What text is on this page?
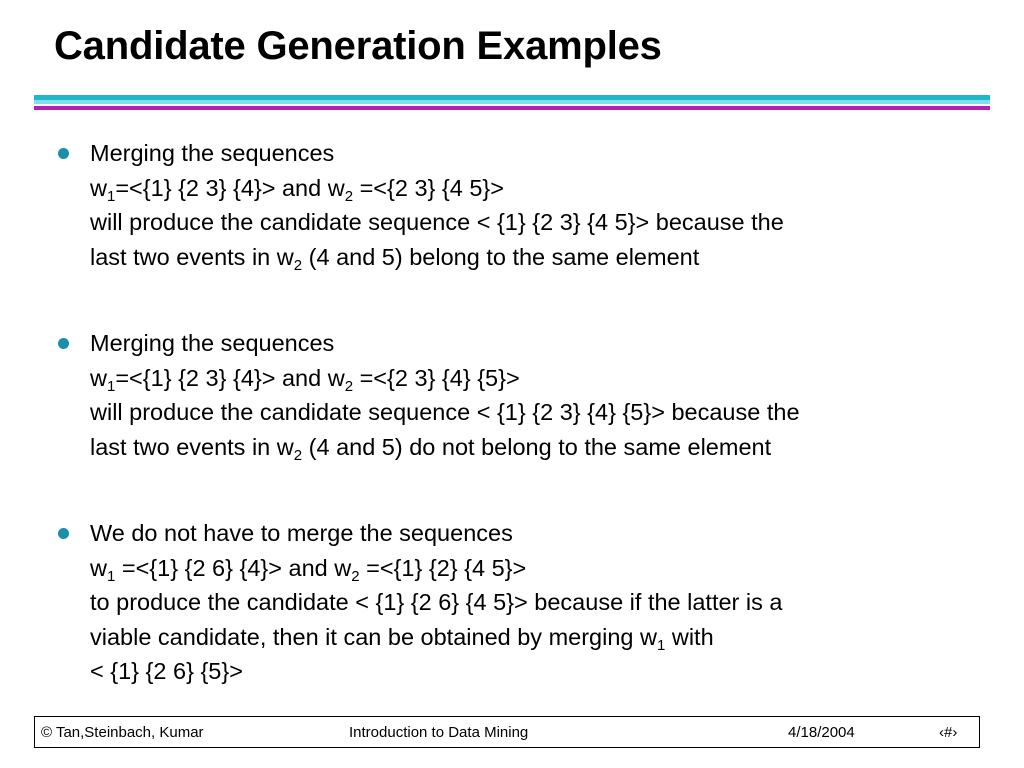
Candidate Generation Examples
Merging the sequences
$w_1=<\{1\}$ {2 3} {4}> and $w_2 =<\{2$ 3} {4 5}>
will produce the candidate sequence < {1} {2 3} {4 5}> because the
last two events in $w_2$ (4 and 5) belong to the same element
Merging the sequences
$w_1=<\{1\}$ {2 3} {4}> and $w_2 =<\{2$ 3} {4} {5}>
will produce the candidate sequence < {1} {2 3} {4} {5}> because the
last two events in $w_2$ (4 and 5) do not belong to the same element
We do not have to merge the sequences
$w_1 =<\{1\}$ {2 6} {4}> and $w_2 =<\{1\}$ {2} {4 5}>
to produce the candidate < {1} {2 6} {4 5}> because if the latter is a
viable candidate, then it can be obtained by merging $w_1$ with
< {1} {2 6} {5}>
© Tan,Steinbach, Kumar	Introduction to Data Mining	4/18/2004	‹#›
